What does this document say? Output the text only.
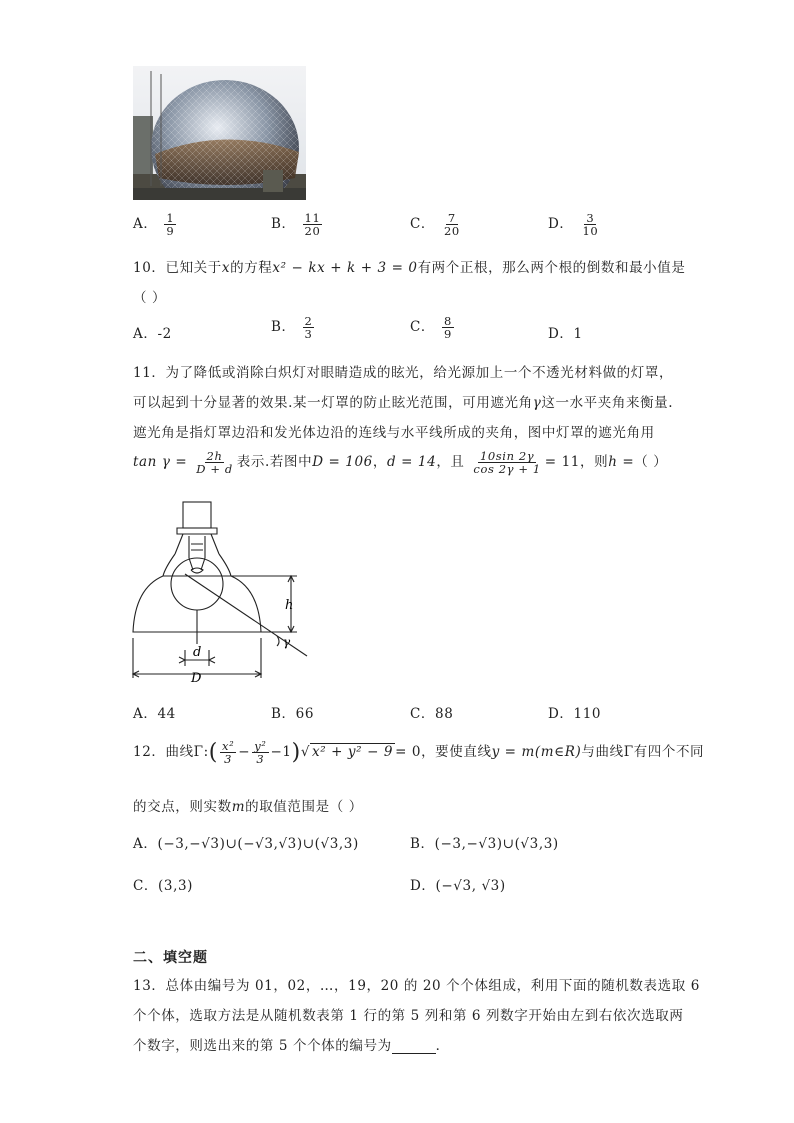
A． $\frac{1}{9}$	B． $\frac{11}{20}$	C． $\frac{7}{20}$	D． $\frac{3}{10}$
10．已知关于x的方程x² − kx + k + 3 = 0有两个正根，那么两个根的倒数和最小值是
（ ）
A．-2	B． $\frac{2}{3}$	C． $\frac{8}{9}$	D．1
11．为了降低或消除白炽灯对眼睛造成的眩光，给光源加上一个不透光材料做的灯罩，
可以起到十分显著的效果.某一灯罩的防止眩光范围，可用遮光角γ这一水平夹角来衡量.
遮光角是指灯罩边沿和发光体边沿的连线与水平线所成的夹角，图中灯罩的遮光角用
$\tan \gamma = \frac{2h}{D + d}$ 表示.若图中D = 106，d = 14，且 $\frac{10\sin 2\gamma}{\cos 2\gamma + 1} = 11$，则h =（ ）
h
γ
d
D
A．44	B．66	C．88	D．110
12．曲线Γ:( $\frac{\text{x²}}{3} - \frac{\text{y²}}{3} -1)√$ x² + y² − 9 = 0，要使直线y = m(m∈R)与曲线Γ有四个不同
的交点，则实数m的取值范围是（ ）
A．(−3,−√3)∪(−√3,√3)∪(√3,3)	B．(−3,−√3)∪(√3,3)
C．(3,3)	D．(−√3, √3)
二、填空题
13．总体由编号为 01，02，…，19，20 的 20 个个体组成，利用下面的随机数表选取 6
个个体，选取方法是从随机数表第 1 行的第 5 列和第 6 列数字开始由左到右依次选取两
个数字，则选出来的第 5 个个体的编号为	．
